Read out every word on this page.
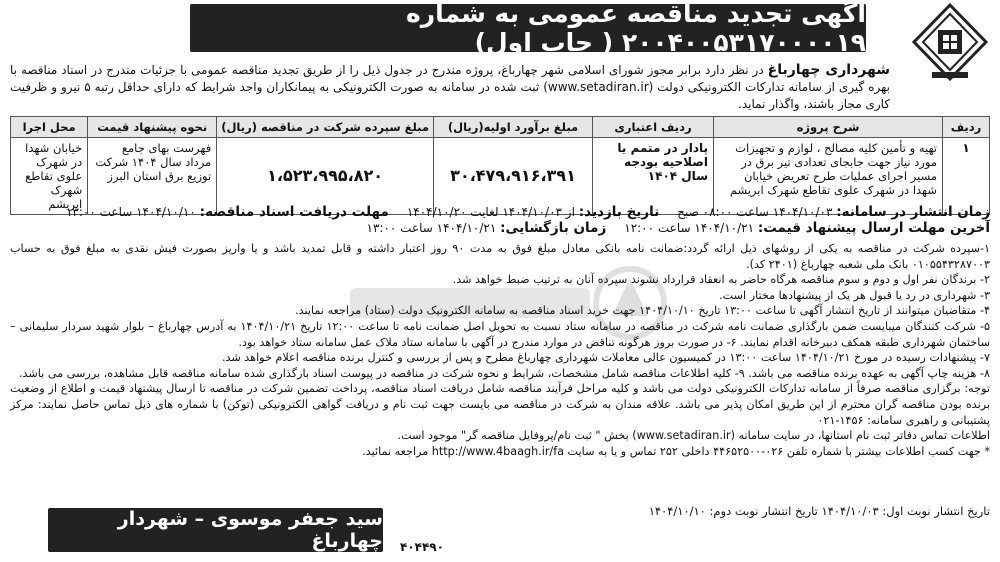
آگهی تجدید مناقصه عمومی به شماره ۲۰۰۴۰۰۵۳۱۷۰۰۰۰۱۹ ( چاپ اول)
شهرداری چهارباغ در نظر دارد برابر مجوز شورای اسلامی شهر چهارباغ، پروژه مندرج در جدول ذیل را از طریق تجدید مناقصه عمومی با جزئیات مندرج در اسناد مناقصه با بهره گیری از سامانه تدارکات الکترونیکی دولت (www.setadiran.ir) ثبت شده در سامانه به صورت الکترونیکی به پیمانکاران واجد شرایط که دارای حداقل رتبه ۵ نیرو و ظرفیت کاری مجاز باشند، واگذار نماید.
ردیف	شرح پروژه	ردیف اعتباری	مبلغ برآورد اولیه(ریال)	مبلغ سپرده شرکت در مناقصه (ریال)	نحوه پیشنهاد قیمت	محل اجرا
۱	تهیه و تأمین کلیه مصالح ، لوازم و تجهیزات مورد نیاز جهت جابجای تعدادی تیر برق در مسیر اجرای عملیات طرح تعریض خیابان شهدا در شهرک علوی تقاطع شهرک ابریشم	پادار در متمم یا اصلاحیه بودجه سال ۱۴۰۴	۳۰،۴۷۹،۹۱۶،۳۹۱	۱،۵۲۳،۹۹۵،۸۲۰	فهرست بهای جامع مرداد سال ۱۴۰۴ شرکت توزیع برق استان البرز	خیابان شهدا در شهرک علوی تقاطع شهرک ابریشم	زمان انتشار در سامانه: ۱۴۰۴/۱۰/۰۳ ساعت ۰۸:۰۰ صبح
تاریخ بازدید: از ۱۴۰۴/۱۰/۰۳ لغایت ۱۴۰۴/۱۰/۲۰
مهلت دریافت اسناد مناقصه: ۱۴۰۴/۱۰/۱۰ ساعت ۱۳:۰۰
آخرین مهلت ارسال پیشنهاد قیمت: ۱۴۰۴/۱۰/۲۱ ساعت ۱۲:۰۰
زمان بازگشایی: ۱۴۰۴/۱۰/۲۱ ساعت ۱۳:۰۰

۱-سپرده شرکت در مناقصه به یکی از روشهای ذیل ارائه گردد:ضمانت نامه بانکی معادل مبلغ فوق به مدت ۹۰ روز اعتبار داشته و قابل تمدید باشد و یا واریز بصورت فیش نقدی به مبلغ فوق به حساب ۰۱۰۵۵۴۳۲۸۷۰۰۳ بانک ملی شعبه چهارباغ (۲۴۰۱ کد).

۲- برندگان نفر اول و دوم و سوم مناقصه هرگاه حاضر به انعقاد قرارداد نشوند سپرده آنان به ترتیب ضبط خواهد شد.

۳- شهرداری در رد یا قبول هر یک از پیشنهادها مختار است.

۴- متقاضیان میتوانند از تاریخ انتشار آگهی تا ساعت ۱۳:۰۰ تاریخ ۱۴۰۴/۱۰/۱۰ جهت خرید اسناد مناقصه به سامانه الکترونیک دولت (ستاد) مراجعه نمایند.

۵- شرکت کنندگان میبایست ضمن بارگذاری ضمانت نامه شرکت در مناقصه در سامانه ستاد نسبت به تحویل اصل ضمانت نامه تا ساعت ۱۲:۰۰ تاریخ ۱۴۰۴/۱۰/۲۱ به آدرس چهارباغ – بلوار شهید سردار سلیمانی – ساختمان شهرداری طبقه همکف دبیرخانه اقدام نمایند. ۶- در صورت بروز هرگونه تناقض در موارد مندرج در آگهی با سامانه ستاد ملاک عمل سامانه ستاد خواهد بود.

۷- پیشنهادات رسیده در مورخ ۱۴۰۴/۱۰/۲۱ ساعت ۱۳:۰۰ در کمیسیون عالی معاملات شهرداری چهارباغ مطرح و پس از بررسی و کنترل برنده مناقصه اعلام خواهد شد.

۸- هزینه چاپ آگهی به عهده برنده مناقصه می باشد. ۹- کلیه اطلاعات مناقصه شامل مشخصات، شرایط و نحوه شرکت در مناقصه در پیوست اسناد بارگذاری شده سامانه مناقصه قابل مشاهده، بررسی می باشد.

توجه: برگزاری مناقصه صرفاً از سامانه تدارکات الکترونیکی دولت می باشد و کلیه مراحل فرآیند مناقصه شامل دریافت اسناد مناقصه، پرداخت تضمین شرکت در مناقصه تا ارسال پیشنهاد قیمت و اطلاع از وضعیت برنده بودن مناقصه گران محترم از این طریق امکان پذیر می باشد. علاقه مندان به شرکت در مناقصه می بایست جهت ثبت نام و دریافت گواهی الکترونیکی (توکن) با شماره های ذیل تماس حاصل نمایند: مرکز پشتیبانی و راهبری سامانه: ۱۴۵۶-۰۲۱

اطلاعات تماس دفاتر ثبت نام استانها، در سایت سامانه (www.setadiran.ir) بخش " ثبت نام/پروفایل مناقصه گر" موجود است.

* جهت کسب اطلاعات بیشتر با شماره تلفن ۰۲۶-۴۴۶۵۲۵۰۰ داخلی ۲۵۲ تماس و یا به سایت http://www.4baagh.ir/fa مراجعه نمائید.

تاریخ انتشار نوبت اول: ۱۴۰۴/۱۰/۰۳ تاریخ انتشار نوبت دوم: ۱۴۰۴/۱۰/۱۰
سید جعفر موسوی – شهردار چهارباغ ۴۰۴۴۹۰
